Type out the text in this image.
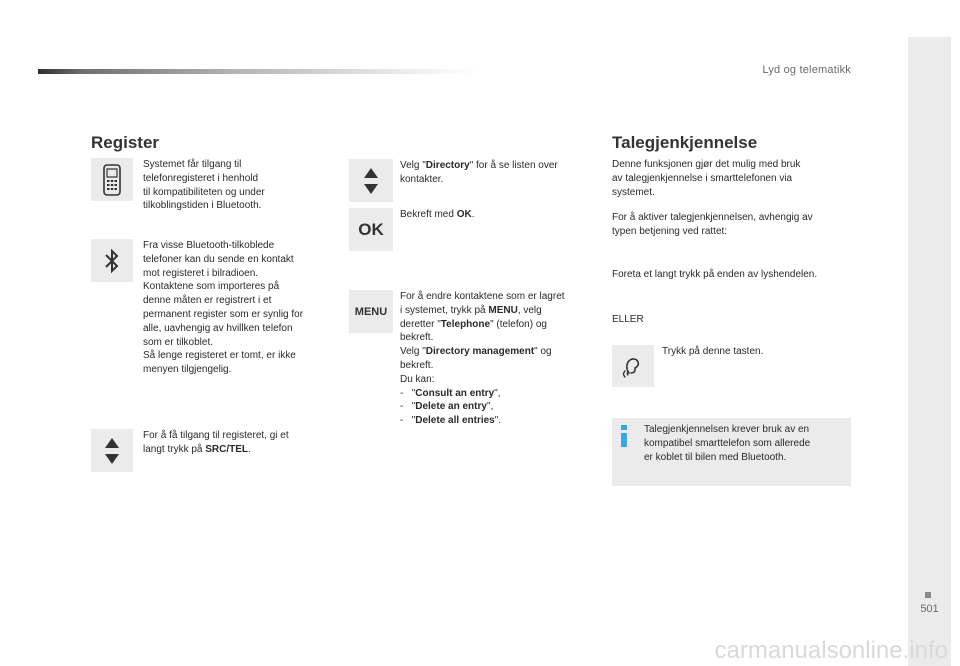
Lyd og telematikk
501
Register

Systemet får tilgang til

telefonregisteret i henhold

til kompatibiliteten og under

tilkoblingstiden i Bluetooth.

Fra visse Bluetooth-tilkoblede

telefoner kan du sende en kontakt

mot registeret i bilradioen.

Kontaktene som importeres på

denne måten er registrert i et

permanent register som er synlig for

alle, uavhengig av hvillken telefon

som er tilkoblet.

Så lenge registeret er tomt, er ikke

menyen tilgjengelig.

For å få tilgang til registeret, gi et

langt trykk på SRC/TEL.

Velg "Directory" for å se listen over

kontakter.

OK

Bekreft med OK.

MENU

For å endre kontaktene som er lagret

i systemet, trykk på MENU, velg

deretter "Telephone" (telefon) og

bekreft.

Velg "Directory management" og

bekreft.

Du kan:

- "Consult an entry",

- "Delete an entry",

- "Delete all entries".

Talegjenkjennelse

Denne funksjonen gjør det mulig med bruk

av talegjenkjennelse i smarttelefonen via

systemet.

For å aktiver talegjenkjennelsen, avhengig av

typen betjening ved rattet:

Foreta et langt trykk på enden av lyshendelen.

ELLER

Trykk på denne tasten.

Talegjenkjennelsen krever bruk av en

kompatibel smarttelefon som allerede

er koblet til bilen med Bluetooth.

carmanualsonline.info
